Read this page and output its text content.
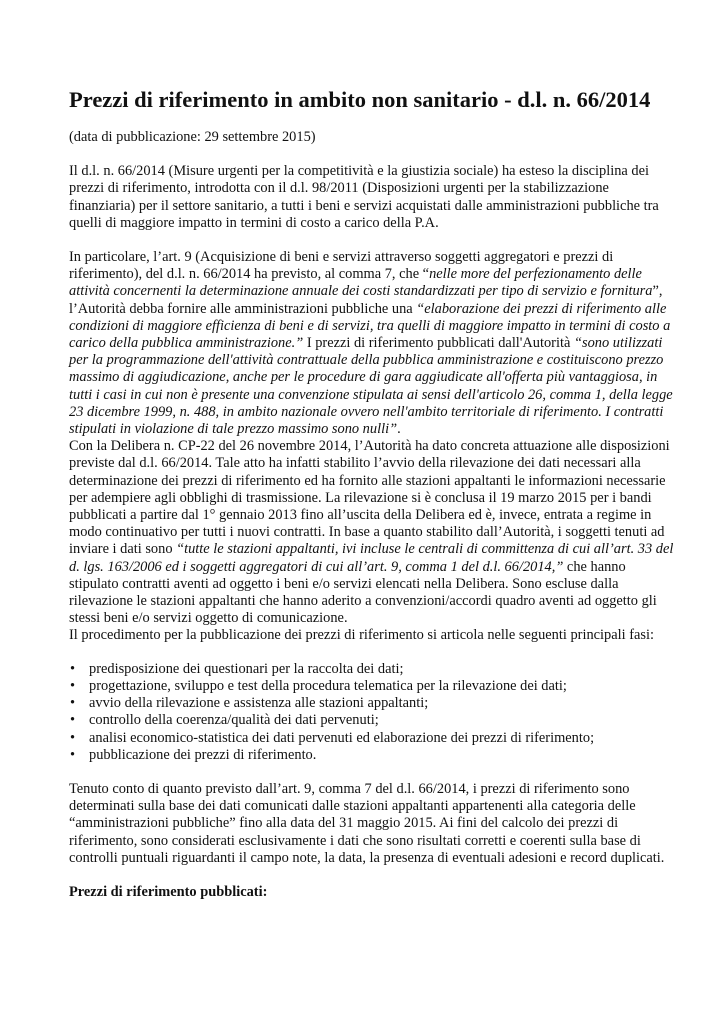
Prezzi di riferimento in ambito non sanitario - d.l. n. 66/2014

(data di pubblicazione: 29 settembre 2015)

Il d.l. n. 66/2014 (Misure urgenti per la competitività e la giustizia sociale) ha esteso la disciplina dei prezzi di riferimento, introdotta con il d.l. 98/2011 (Disposizioni urgenti per la stabilizzazione finanziaria) per il settore sanitario, a tutti i beni e servizi acquistati dalle amministrazioni pubbliche tra quelli di maggiore impatto in termini di costo a carico della P.A.

In particolare, l’art. 9 (Acquisizione di beni e servizi attraverso soggetti aggregatori e prezzi di riferimento), del d.l. n. 66/2014 ha previsto, al comma 7, che “nelle more del perfezionamento delle attività concernenti la determinazione annuale dei costi standardizzati per tipo di servizio e fornitura”, l’Autorità debba fornire alle amministrazioni pubbliche una “elaborazione dei prezzi di riferimento alle condizioni di maggiore efficienza di beni e di servizi, tra quelli di maggiore impatto in termini di costo a carico della pubblica amministrazione.” I prezzi di riferimento pubblicati dall'Autorità “sono utilizzati per la programmazione dell'attività contrattuale della pubblica amministrazione e costituiscono prezzo massimo di aggiudicazione, anche per le procedure di gara aggiudicate all'offerta più vantaggiosa, in tutti i casi in cui non è presente una convenzione stipulata ai sensi dell'articolo 26, comma 1, della legge 23 dicembre 1999, n. 488, in ambito nazionale ovvero nell'ambito territoriale di riferimento. I contratti stipulati in violazione di tale prezzo massimo sono nulli”.

Con la Delibera n. CP-22 del 26 novembre 2014, l’Autorità ha dato concreta attuazione alle disposizioni previste dal d.l. 66/2014. Tale atto ha infatti stabilito l’avvio della rilevazione dei dati necessari alla determinazione dei prezzi di riferimento ed ha fornito alle stazioni appaltanti le informazioni necessarie per adempiere agli obblighi di trasmissione. La rilevazione si è conclusa il 19 marzo 2015 per i bandi pubblicati a partire dal 1° gennaio 2013 fino all’uscita della Delibera ed è, invece, entrata a regime in modo continuativo per tutti i nuovi contratti. In base a quanto stabilito dall’Autorità, i soggetti tenuti ad inviare i dati sono “tutte le stazioni appaltanti, ivi incluse le centrali di committenza di cui all’art. 33 del d. lgs. 163/2006 ed i soggetti aggregatori di cui all’art. 9, comma 1 del d.l. 66/2014,” che hanno stipulato contratti aventi ad oggetto i beni e/o servizi elencati nella Delibera. Sono escluse dalla rilevazione le stazioni appaltanti che hanno aderito a convenzioni/accordi quadro aventi ad oggetto gli stessi beni e/o servizi oggetto di comunicazione.

Il procedimento per la pubblicazione dei prezzi di riferimento si articola nelle seguenti principali fasi:

• predisposizione dei questionari per la raccolta dei dati;
• progettazione, sviluppo e test della procedura telematica per la rilevazione dei dati;
• avvio della rilevazione e assistenza alle stazioni appaltanti;
• controllo della coerenza/qualità dei dati pervenuti;
• analisi economico-statistica dei dati pervenuti ed elaborazione dei prezzi di riferimento;
• pubblicazione dei prezzi di riferimento.

Tenuto conto di quanto previsto dall’art. 9, comma 7 del d.l. 66/2014, i prezzi di riferimento sono determinati sulla base dei dati comunicati dalle stazioni appaltanti appartenenti alla categoria delle “amministrazioni pubbliche” fino alla data del 31 maggio 2015. Ai fini del calcolo dei prezzi di riferimento, sono considerati esclusivamente i dati che sono risultati corretti e coerenti sulla base di controlli puntuali riguardanti il campo note, la data, la presenza di eventuali adesioni e record duplicati.

Prezzi di riferimento pubblicati:
